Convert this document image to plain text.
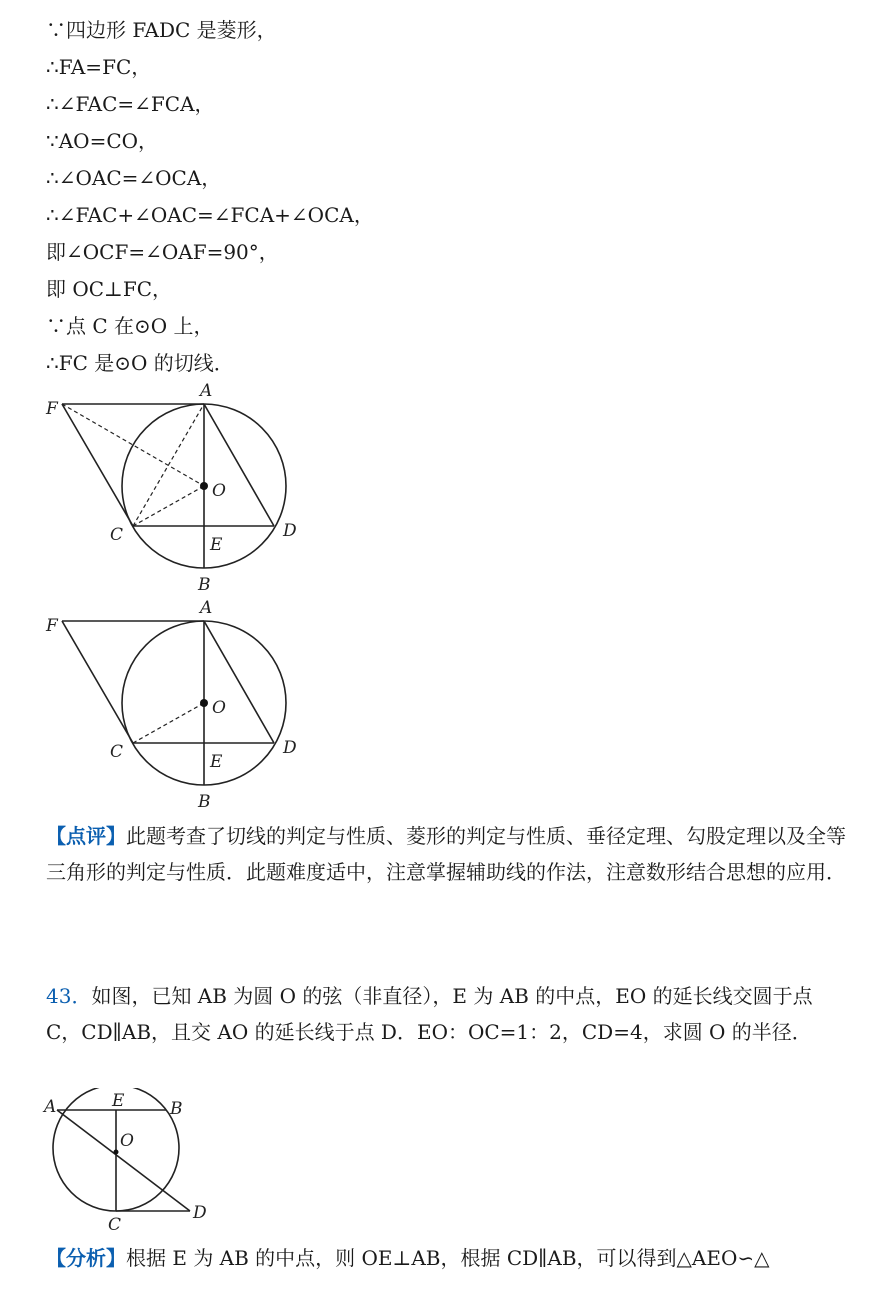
∵四边形 FADC 是菱形，
∴FA=FC，
∴∠FAC=∠FCA，
∵AO=CO，
∴∠OAC=∠OCA，
∴∠FAC+∠OAC=∠FCA+∠OCA，
即∠OCF=∠OAF=90°，
即 OC⊥FC，
∵点 C 在⊙O 上，
∴FC 是⊙O 的切线．
F
A
O
C	D
E
B
F
A
O
C	D
E
B
【点评】此题考查了切线的判定与性质、菱形的判定与性质、垂径定理、勾股定理以及全等三角形的判定与性质．此题难度适中，注意掌握辅助线的作法，注意数形结合思想的应用．
43．如图，已知 AB 为圆 O 的弦（非直径），E 为 AB 的中点，EO 的延长线交圆于点 C，CD∥AB，且交 AO 的延长线于点 D．EO：OC=1：2，CD=4，求圆 O 的半径．
A	E	B
O
C
D
【分析】根据 E 为 AB 的中点，则 OE⊥AB，根据 CD∥AB，可以得到△AEO∽△
